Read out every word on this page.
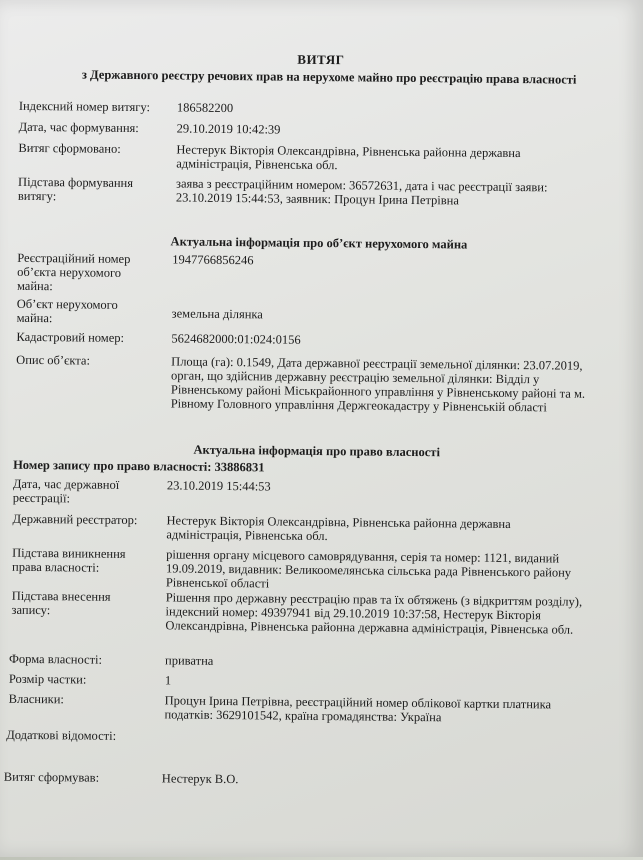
ВИТЯГ
з Державного реєстру речових прав на нерухоме майно про реєстрацію права власності
Індексний номер витягу:	186582200
Дата, час формування:	29.10.2019 10:42:39
Витяг сформовано:	Нестерук Вікторія Олександрівна, Рівненська районна державна адміністрація, Рівненська обл.
Підстава формування витягу:
заява з реєстраційним номером: 36572631, дата і час реєстрації заяви: 23.10.2019 15:44:53, заявник: Процун Ірина Петрівна
Актуальна інформація про об’єкт нерухомого майна
Реєстраційний номер об’єкта нерухомого майна:
1947766856246
Об’єкт нерухомого майна:	земельна ділянка
Кадастровий номер:	5624682000:01:024:0156
Опис об’єкта:	Площа (га): 0.1549, Дата державної реєстрації земельної ділянки: 23.07.2019, орган, що здійснив державну реєстрацію земельної ділянки: Відділ у Рівненському районі Міськрайонного управління у Рівненському районі та м. Рівному Головного управління Держгеокадастру у Рівненській області
Актуальна інформація про право власності
Номер запису про право власності: 33886831
Дата, час державної реєстрації:
23.10.2019 15:44:53
Державний реєстратор:	Нестерук Вікторія Олександрівна, Рівненська районна державна адміністрація, Рівненська обл.
Підстава виникнення права власності:
рішення органу місцевого самоврядування, серія та номер: 1121, виданий 19.09.2019, видавник: Великоомелянська сільська рада Рівненського району Рівненської області
Підстава внесення запису:
Рішення про державну реєстрацію прав та їх обтяжень (з відкриттям розділу), індексний номер: 49397941 від 29.10.2019 10:37:58, Нестерук Вікторія Олександрівна, Рівненська районна державна адміністрація, Рівненська обл.
Форма власності:	приватна
Розмір частки:	1
Власники:	Процун Ірина Петрівна, реєстраційний номер облікової картки платника податків: 3629101542, країна громадянства: Україна
Додаткові відомості:
Витяг сформував:	Нестерук В.О.
